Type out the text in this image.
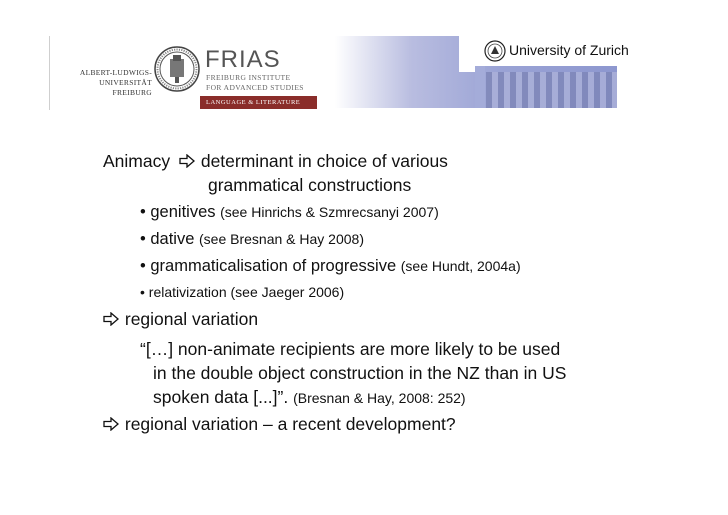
ALBERT-LUDWIGS-
UNIVERSITÄT FREIBURG
FRIAS
FREIBURG INSTITUTE
FOR ADVANCED STUDIES
LANGUAGE & LITERATURE
University of Zurich
Animacy  determinant in choice of various
grammatical constructions
• genitives (see Hinrichs & Szmrecsanyi 2007)
• dative (see Bresnan & Hay 2008)
• grammaticalisation of progressive (see Hundt, 2004a)
• relativization (see Jaeger 2006)
regional variation
“[…] non-animate recipients are more likely to be used
in the double object construction in the NZ than in US
spoken data [...]”. (Bresnan & Hay, 2008: 252)
regional variation – a recent development?
